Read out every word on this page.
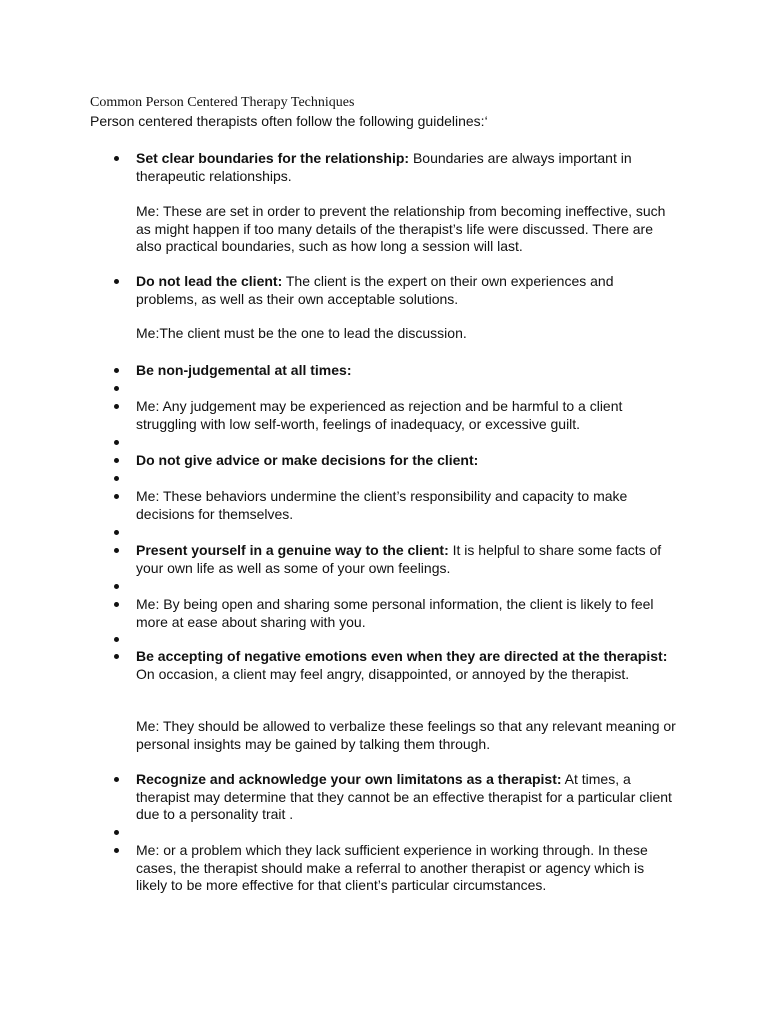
Common Person Centered Therapy Techniques
Person centered therapists often follow the following guidelines:‘
Set clear boundaries for the relationship: Boundaries are always important in therapeutic relationships.
Do not lead the client: The client is the expert on their own experiences and problems, as well as their own acceptable solutions.
Be non-judgemental at all times:
Me: Any judgement may be experienced as rejection and be harmful to a client struggling with low self-worth, feelings of inadequacy, or excessive guilt.
Do not give advice or make decisions for the client:
Me: These behaviors undermine the client’s responsibility and capacity to make decisions for themselves.
Present yourself in a genuine way to the client: It is helpful to share some facts of your own life as well as some of your own feelings.
Me: By being open and sharing some personal information, the client is likely to feel more at ease about sharing with you.
Be accepting of negative emotions even when they are directed at the therapist: On occasion, a client may feel angry, disappointed, or annoyed by the therapist.
Recognize and acknowledge your own limitatons as a therapist: At times, a therapist may determine that they cannot be an effective therapist for a particular client due to a personality trait .
Me: or a problem which they lack sufficient experience in working through. In these cases, the therapist should make a referral to another therapist or agency which is likely to be more effective for that client’s particular circumstances.
Me: These are set in order to prevent the relationship from becoming ineffective, such as might happen if too many details of the therapist’s life were discussed. There are also practical boundaries, such as how long a session will last.
Me:The client must be the one to lead the discussion.
Me: They should be allowed to verbalize these feelings so that any relevant meaning or personal insights may be gained by talking them through.
